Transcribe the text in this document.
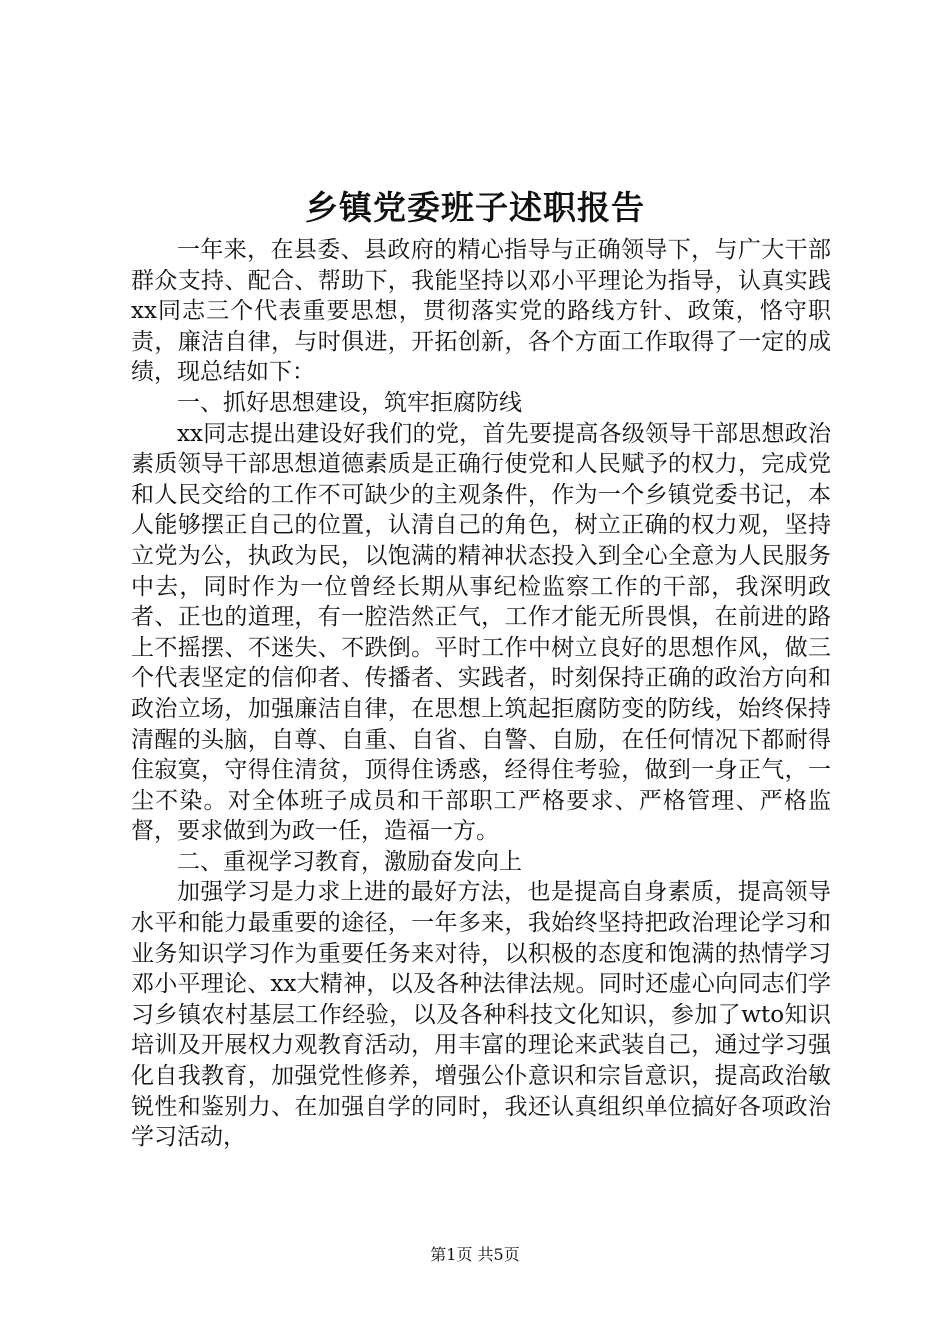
乡镇党委班子述职报告

一年来，在县委、县政府的精心指导与正确领导下，与广大干部群众支持、配合、帮助下，我能坚持以邓小平理论为指导，认真实践xx同志三个代表重要思想，贯彻落实党的路线方针、政策，恪守职责，廉洁自律，与时俱进，开拓创新，各个方面工作取得了一定的成绩，现总结如下：

一、抓好思想建设，筑牢拒腐防线

xx同志提出建设好我们的党，首先要提高各级领导干部思想政治素质领导干部思想道德素质是正确行使党和人民赋予的权力，完成党和人民交给的工作不可缺少的主观条件，作为一个乡镇党委书记，本人能够摆正自己的位置，认清自己的角色，树立正确的权力观，坚持立党为公，执政为民，以饱满的精神状态投入到全心全意为人民服务中去，同时作为一位曾经长期从事纪检监察工作的干部，我深明政者、正也的道理，有一腔浩然正气，工作才能无所畏惧，在前进的路上不摇摆、不迷失、不跌倒。平时工作中树立良好的思想作风，做三个代表坚定的信仰者、传播者、实践者，时刻保持正确的政治方向和政治立场，加强廉洁自律，在思想上筑起拒腐防变的防线，始终保持清醒的头脑，自尊、自重、自省、自警、自励，在任何情况下都耐得住寂寞，守得住清贫，顶得住诱惑，经得住考验，做到一身正气，一尘不染。对全体班子成员和干部职工严格要求、严格管理、严格监督，要求做到为政一任，造福一方。

二、重视学习教育，激励奋发向上

加强学习是力求上进的最好方法，也是提高自身素质，提高领导水平和能力最重要的途径，一年多来，我始终坚持把政治理论学习和业务知识学习作为重要任务来对待，以积极的态度和饱满的热情学习邓小平理论、xx大精神，以及各种法律法规。同时还虚心向同志们学习乡镇农村基层工作经验，以及各种科技文化知识，参加了wto知识培训及开展权力观教育活动，用丰富的理论来武装自己，通过学习强化自我教育，加强党性修养，增强公仆意识和宗旨意识，提高政治敏锐性和鉴别力、在加强自学的同时，我还认真组织单位搞好各项政治学习活动，

第1页 共5页
